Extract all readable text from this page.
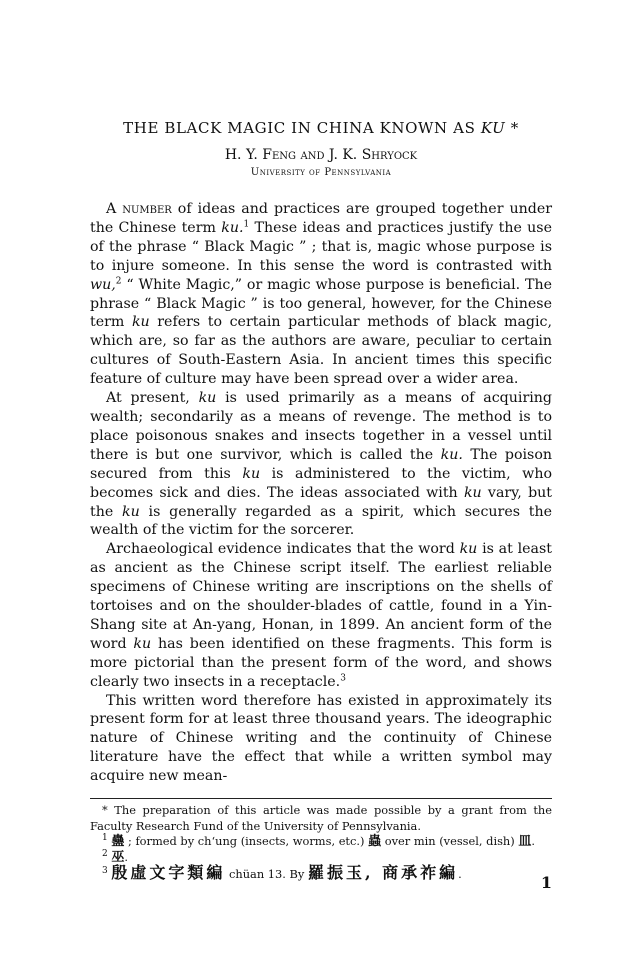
THE BLACK MAGIC IN CHINA KNOWN AS KU *
H. Y. Feng and J. K. Shryock
University of Pennsylvania

A number of ideas and practices are grouped together under the Chinese term ku.$^1$ These ideas and practices justify the use of the phrase “ Black Magic ” ; that is, magic whose purpose is to injure someone. In this sense the word is contrasted with wu,$^2$ “ White Magic,” or magic whose purpose is beneficial. The phrase “ Black Magic ” is too general, however, for the Chinese term ku refers to certain particular methods of black magic, which are, so far as the authors are aware, peculiar to certain cultures of South-Eastern Asia. In ancient times this specific feature of culture may have been spread over a wider area.

At present, ku is used primarily as a means of acquiring wealth; secondarily as a means of revenge. The method is to place poisonous snakes and insects together in a vessel until there is but one survivor, which is called the ku. The poison secured from this ku is administered to the victim, who becomes sick and dies. The ideas associated with ku vary, but the ku is generally regarded as a spirit, which secures the wealth of the victim for the sorcerer.

Archaeological evidence indicates that the word ku is at least as ancient as the Chinese script itself. The earliest reliable specimens of Chinese writing are inscriptions on the shells of tortoises and on the shoulder-blades of cattle, found in a Yin-Shang site at An-yang, Honan, in 1899. An ancient form of the word ku has been identified on these fragments. This form is more pictorial than the present form of the word, and shows clearly two insects in a receptacle.$^3$

This written word therefore has existed in approximately its present form for at least three thousand years. The ideographic nature of Chinese writing and the continuity of Chinese literature have the effect that while a written symbol may acquire new mean-

* The preparation of this article was made possible by a grant from the Faculty Research Fund of the University of Pennsylvania.

$^1$ 蠱 ; formed by ch‘ung (insects, worms, etc.) 蟲 over min (vessel, dish) 皿.

$^2$ 巫.

$^3$ 殷虛文字類編 chüan 13. By 羅振玉, 商承祚編.	1
